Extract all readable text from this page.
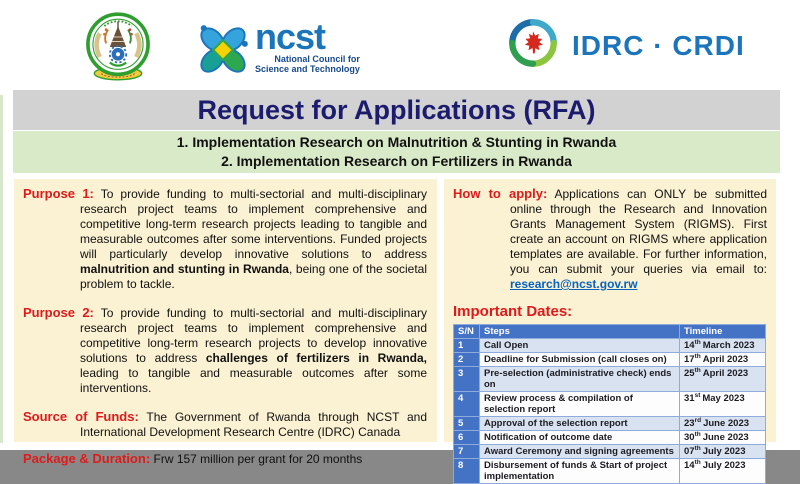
ncst
National Council for
Science and Technology
IDRC · CRDI
Request for Applications (RFA)
1. Implementation Research on Malnutrition & Stunting in Rwanda
2. Implementation Research on Fertilizers in Rwanda

Purpose 1: To provide funding to multi-sectorial and multi-disciplinary research project teams to implement comprehensive and competitive long-term research projects leading to tangible and measurable outcomes after some interventions. Funded projects will particularly develop innovative solutions to address malnutrition and stunting in Rwanda, being one of the societal problem to tackle.

Purpose 2: To provide funding to multi-sectorial and multi-disciplinary research project teams to implement comprehensive and competitive long-term research projects to develop innovative solutions to address challenges of fertilizers in Rwanda, leading to tangible and measurable outcomes after some interventions.

Source of Funds: The Government of Rwanda through NCST and International Development Research Centre (IDRC) Canada

Package & Duration: Frw 157 million per grant for 20 months

How to apply: Applications can ONLY be submitted online through the Research and Innovation Grants Management System (RIGMS). First create an account on RIGMS where application templates are available. For further information, you can submit your queries via email to: research@ncst.gov.rw

Important Dates:
S/N	Steps	Timeline
1	Call Open	14th March 2023
2	Deadline for Submission (call closes on)	17th April 2023
3	Pre-selection (administrative check) ends on	25th April 2023
4	Review process & compilation of selection report	31st May 2023
5	Approval of the selection report	23rd June 2023
6	Notification of outcome date	30th June 2023
7	Award Ceremony and signing agreements	07th July 2023
8	Disbursement of funds & Start of project implementation	14th July 2023
